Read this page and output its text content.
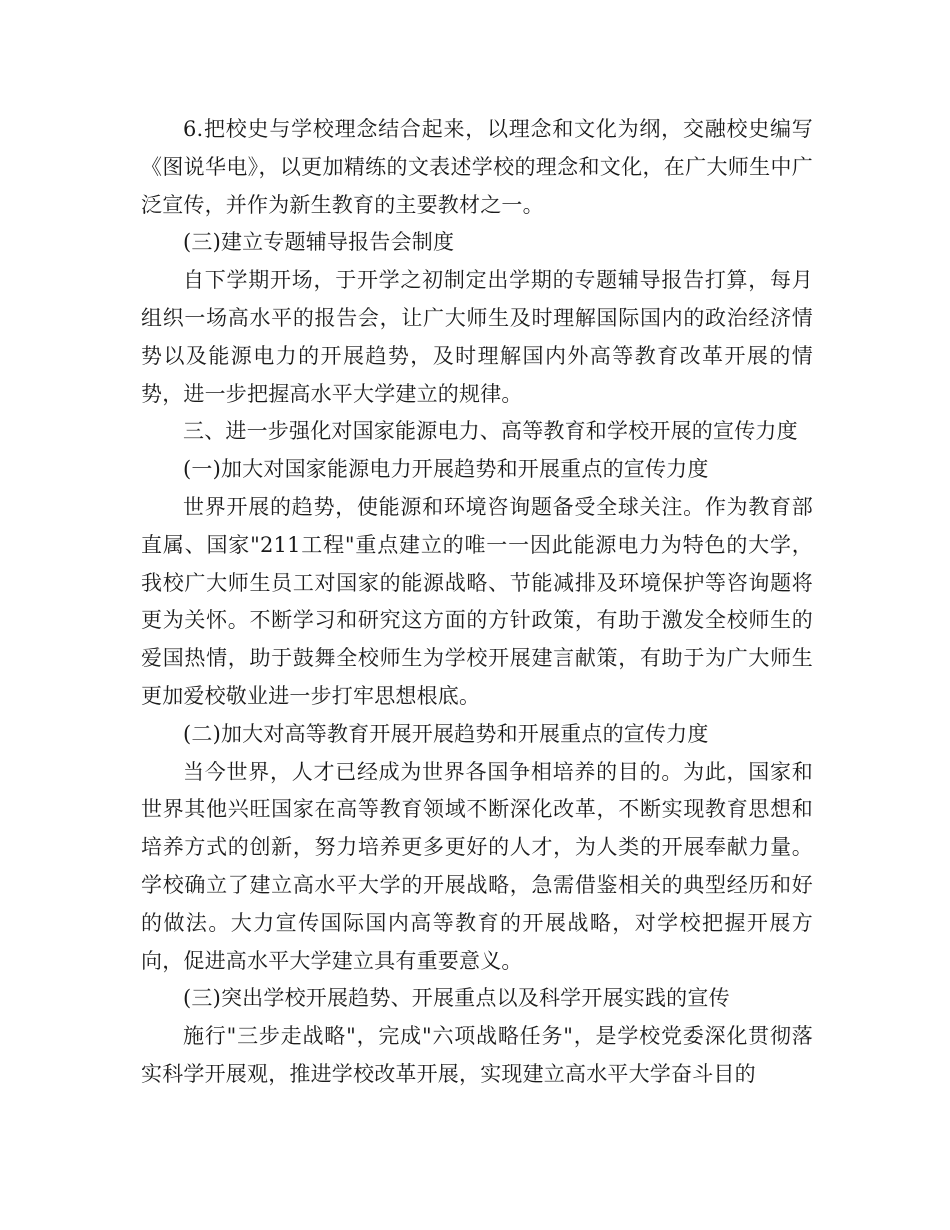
6.把校史与学校理念结合起来，以理念和文化为纲，交融校史编写《图说华电》，以更加精练的文表述学校的理念和文化，在广大师生中广泛宣传，并作为新生教育的主要教材之一。

(三)建立专题辅导报告会制度

自下学期开场，于开学之初制定出学期的专题辅导报告打算，每月组织一场高水平的报告会，让广大师生及时理解国际国内的政治经济情势以及能源电力的开展趋势，及时理解国内外高等教育改革开展的情势，进一步把握高水平大学建立的规律。

三、进一步强化对国家能源电力、高等教育和学校开展的宣传力度

(一)加大对国家能源电力开展趋势和开展重点的宣传力度

世界开展的趋势，使能源和环境咨询题备受全球关注。作为教育部直属、国家"211工程"重点建立的唯一一因此能源电力为特色的大学，我校广大师生员工对国家的能源战略、节能减排及环境保护等咨询题将更为关怀。不断学习和研究这方面的方针政策，有助于激发全校师生的爱国热情，助于鼓舞全校师生为学校开展建言献策，有助于为广大师生更加爱校敬业进一步打牢思想根底。

(二)加大对高等教育开展开展趋势和开展重点的宣传力度

当今世界，人才已经成为世界各国争相培养的目的。为此，国家和世界其他兴旺国家在高等教育领域不断深化改革，不断实现教育思想和培养方式的创新，努力培养更多更好的人才，为人类的开展奉献力量。学校确立了建立高水平大学的开展战略，急需借鉴相关的典型经历和好的做法。大力宣传国际国内高等教育的开展战略，对学校把握开展方向，促进高水平大学建立具有重要意义。

(三)突出学校开展趋势、开展重点以及科学开展实践的宣传

施行"三步走战略"，完成"六项战略任务"，是学校党委深化贯彻落实科学开展观，推进学校改革开展，实现建立高水平大学奋斗目的
